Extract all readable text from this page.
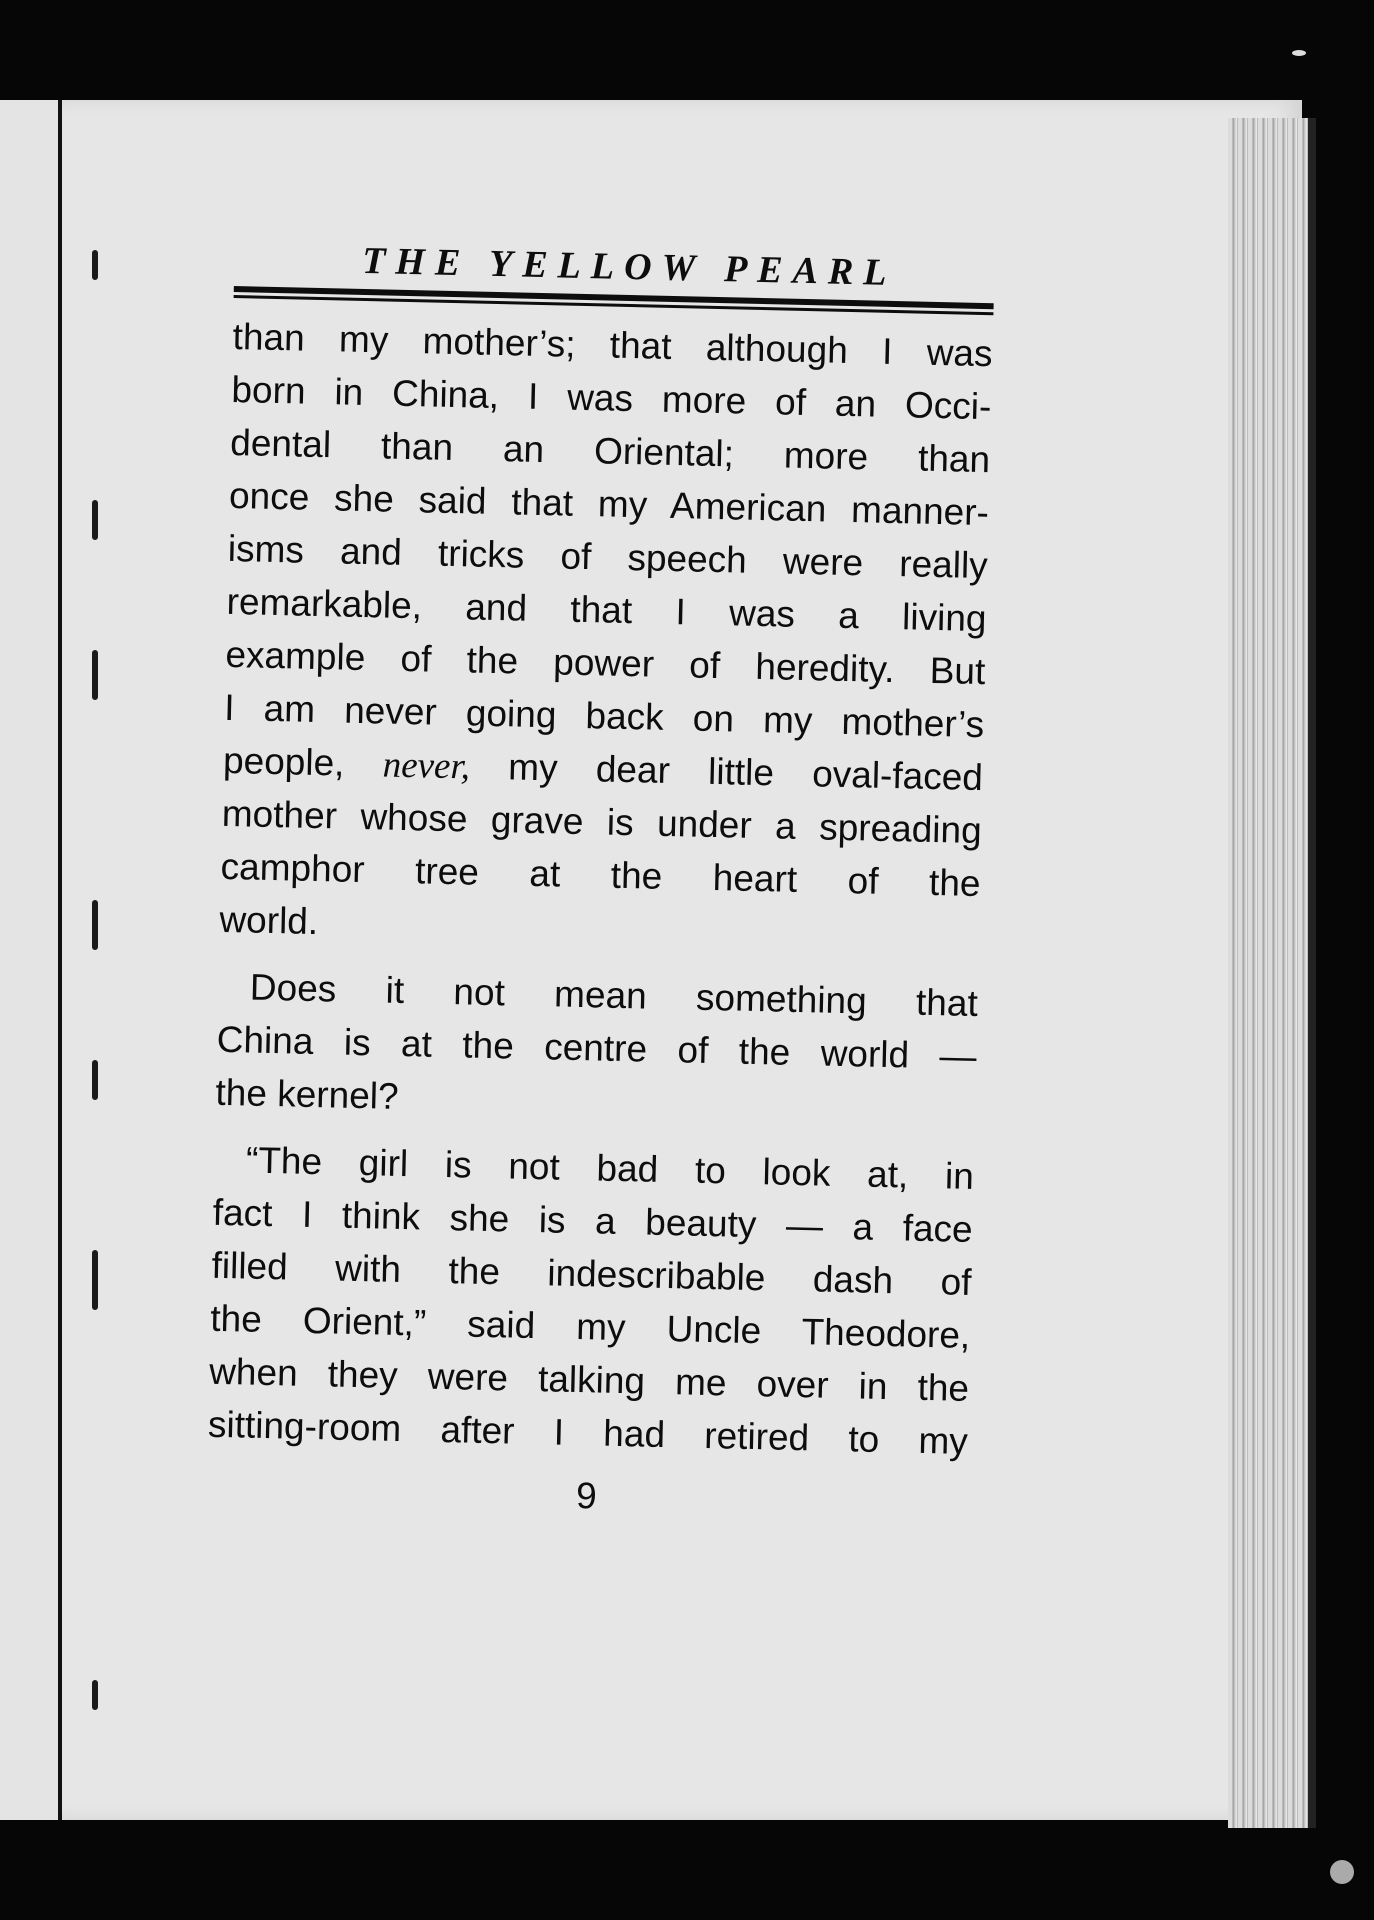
THE YELLOW PEARL
than my mother’s; that although I was
born in China, I was more of an Occi-
dental than an Oriental; more than
once she said that my American manner-
isms and tricks of speech were really
remarkable, and that I was a living
example of the power of heredity. But
I am never going back on my mother’s
people, never, my dear little oval-faced
mother whose grave is under a spreading
camphor tree at the heart of the
world.
Does it not mean something that
China is at the centre of the world —
the kernel?
“The girl is not bad to look at, in
fact I think she is a beauty — a face
filled with the indescribable dash of
the Orient,” said my Uncle Theodore,
when they were talking me over in the
sitting-room after I had retired to my
9
